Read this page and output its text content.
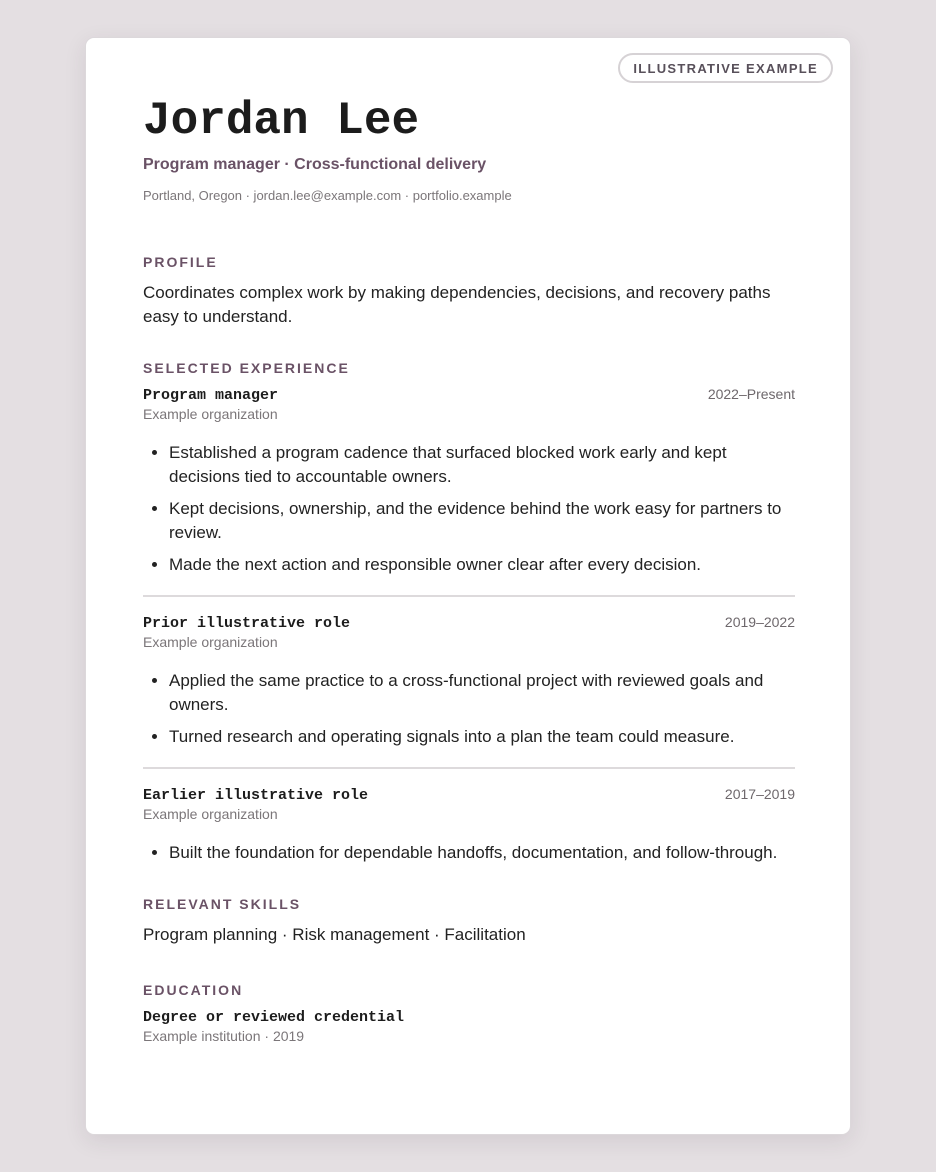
ILLUSTRATIVE EXAMPLE
Jordan Lee
Program manager · Cross-functional delivery
Portland, Oregon · jordan.lee@example.com · portfolio.example
PROFILE
Coordinates complex work by making dependencies, decisions, and recovery paths easy to understand.
SELECTED EXPERIENCE
Program manager	2022–Present
Example organization
• Established a program cadence that surfaced blocked work early and kept decisions tied to accountable owners.
• Kept decisions, ownership, and the evidence behind the work easy for partners to review.
• Made the next action and responsible owner clear after every decision.
Prior illustrative role	2019–2022
Example organization
• Applied the same practice to a cross-functional project with reviewed goals and owners.
• Turned research and operating signals into a plan the team could measure.
Earlier illustrative role	2017–2019
Example organization
• Built the foundation for dependable handoffs, documentation, and follow-through.
RELEVANT SKILLS
Program planning · Risk management · Facilitation
EDUCATION
Degree or reviewed credential
Example institution · 2019
